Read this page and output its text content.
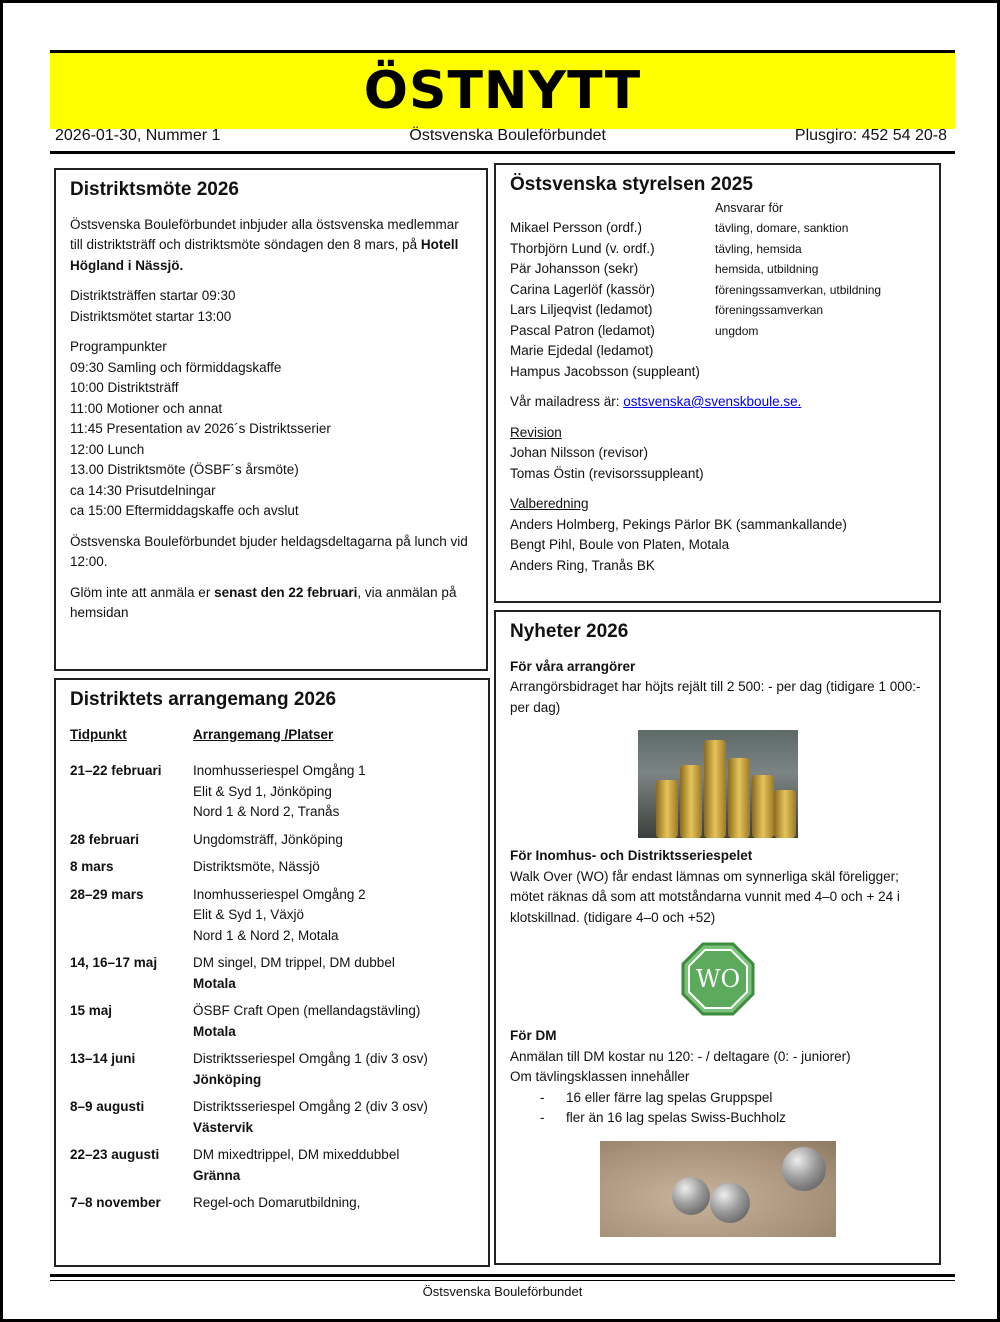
ÖSTNYTT
2026-01-30, Nummer 1	Östsvenska Bouleförbundet	Plusgiro: 452 54 20-8
Distriktsmöte 2026

Östsvenska Bouleförbundet inbjuder alla östsvenska medlemmar till distriktsträff och distriktsmöte söndagen den 8 mars, på Hotell Högland i Nässjö.

Distriktsträffen startar 09:30
Distriktsmötet startar 13:00
Programpunkter
09:30 Samling och förmiddagskaffe
10:00 Distriktsträff
11:00 Motioner och annat
11:45 Presentation av 2026´s Distriktsserier
12:00 Lunch
13.00 Distriktsmöte (ÖSBF´s årsmöte)
ca 14:30 Prisutdelningar
ca 15:00 Eftermiddagskaffe och avslut

Östsvenska Bouleförbundet bjuder heldagsdeltagarna på lunch vid 12:00.

Glöm inte att anmäla er senast den 22 februari, via anmälan på hemsidan

Östsvenska styrelsen 2025
Ansvarar för
Mikael Persson (ordf.)	tävling, domare, sanktion
Thorbjörn Lund (v. ordf.)	tävling, hemsida
Pär Johansson (sekr)	hemsida, utbildning
Carina Lagerlöf (kassör)	föreningssamverkan, utbildning
Lars Liljeqvist (ledamot)	föreningssamverkan
Pascal Patron (ledamot)	ungdom
Marie Ejdedal (ledamot)
Hampus Jacobsson (suppleant)

Vår mailadress är: ostsvenska@svenskboule.se.

Revision
Johan Nilsson (revisor)
Tomas Östin (revisorssuppleant)
Valberedning
Anders Holmberg, Pekings Pärlor BK (sammankallande)
Bengt Pihl, Boule von Platen, Motala
Anders Ring, Tranås BK
Distriktets arrangemang 2026
Tidpunkt	Arrangemang /Platser
21–22 februari	Inomhusseriespel Omgång 1
Elit & Syd 1, Jönköping
Nord 1 & Nord 2, Tranås
28 februari	Ungdomsträff, Jönköping
8 mars	Distriktsmöte, Nässjö
28–29 mars	Inomhusseriespel Omgång 2
Elit & Syd 1, Växjö
Nord 1 & Nord 2, Motala
14, 16–17 maj	DM singel, DM trippel, DM dubbel
Motala
15 maj	ÖSBF Craft Open (mellandagstävling)
Motala
13–14 juni	Distriktsseriespel Omgång 1 (div 3 osv)
Jönköping
8–9 augusti	Distriktsseriespel Omgång 2 (div 3 osv)
Västervik
22–23 augusti	DM mixedtrippel, DM mixeddubbel
Gränna
7–8 november	Regel-och Domarutbildning,
Nyheter 2026
För våra arrangörer
Arrangörsbidraget har höjts rejält till 2 500: - per dag (tidigare 1 000:- per dag)
För Inomhus- och Distriktsseriespelet
Walk Over (WO) får endast lämnas om synnerliga skäl föreligger; mötet räknas då som att motståndarna vunnit med 4–0 och + 24 i klotskillnad. (tidigare 4–0 och +52)
WO
För DM
Anmälan till DM kostar nu 120: - / deltagare (0: - juniorer)
Om tävlingsklassen innehåller
- 16 eller färre lag spelas Gruppspel
- fler än 16 lag spelas Swiss-Buchholz
Östsvenska Bouleförbundet
